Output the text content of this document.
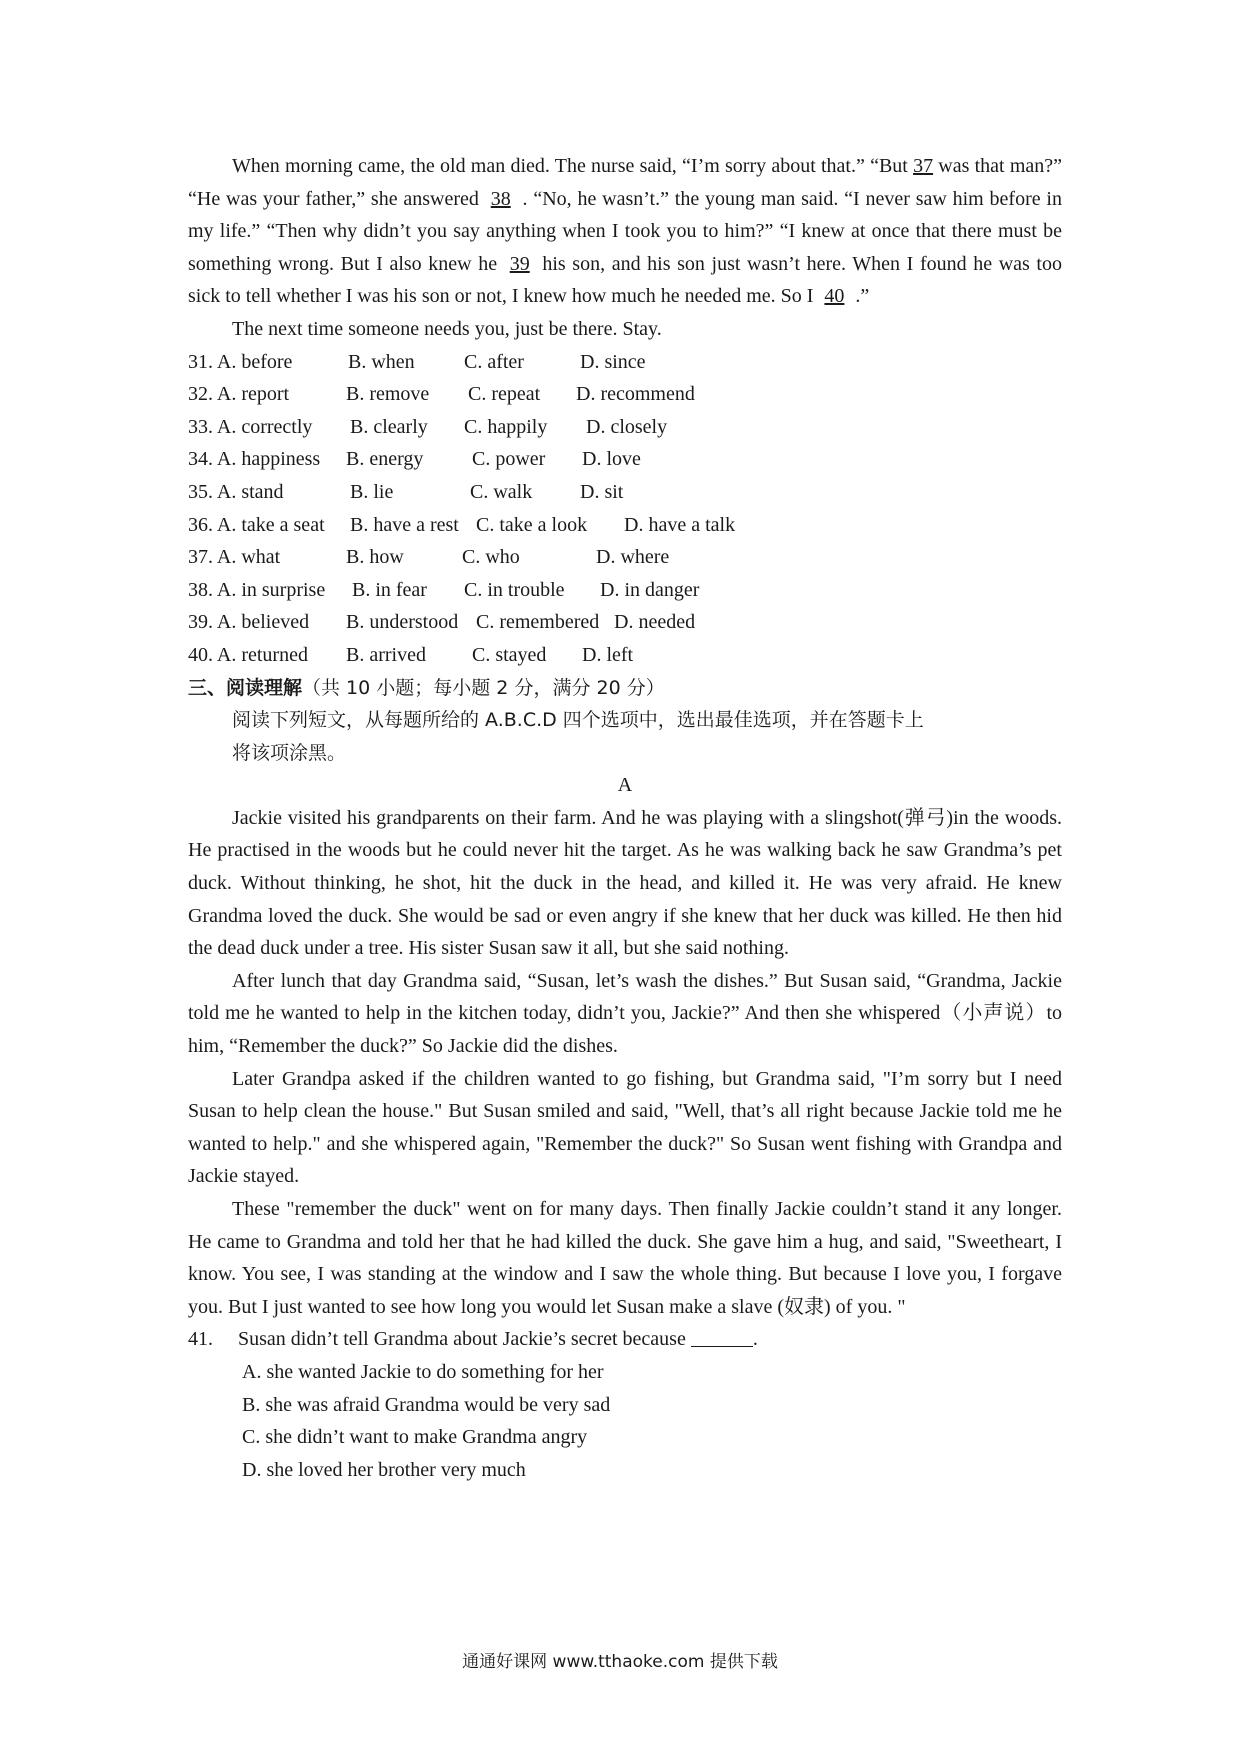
When morning came, the old man died. The nurse said, “I’m sorry about that.” “But 37 was that man?” “He was your father,” she answered 38 . “No, he wasn’t.” the young man said. “I never saw him before in my life.” “Then why didn’t you say anything when I took you to him?” “I knew at once that there must be something wrong. But I also knew he 39 his son, and his son just wasn’t here. When I found he was too sick to tell whether I was his son or not, I knew how much he needed me. So I 40 .”

The next time someone needs you, just be there. Stay.

31. A. before	B. when C. after	D. since
32. A. report	B. remove C. repeat D. recommend
33. A. correctly B. clearly C. happily D. closely
34. A. happiness B. energy C. power D. love
35. A. stand	B. lie	C. walk D. sit
36. A. take a seat B. have a rest C. take a look D. have a talk
37. A. what	B. how	C. who	D. where
38. A. in surprise B. in fear C. in trouble D. in danger
39. A. believed B. understood C. remembered D. needed
40. A. returned B. arrived C. stayed D. left
三、阅读理解（共 10 小题；每小题 2 分，满分 20 分）
阅读下列短文，从每题所给的 A.B.C.D 四个选项中，选出最佳选项，并在答题卡上
将该项涂黑。

A

Jackie visited his grandparents on their farm. And he was playing with a slingshot(弹弓)in the woods. He practised in the woods but he could never hit the target. As he was walking back he saw Grandma’s pet duck. Without thinking, he shot, hit the duck in the head, and killed it. He was very afraid. He knew Grandma loved the duck. She would be sad or even angry if she knew that her duck was killed. He then hid the dead duck under a tree. His sister Susan saw it all, but she said nothing.

After lunch that day Grandma said, “Susan, let’s wash the dishes.” But Susan said, “Grandma, Jackie told me he wanted to help in the kitchen today, didn’t you, Jackie?” And then she whispered（小声说）to him, “Remember the duck?” So Jackie did the dishes.

Later Grandpa asked if the children wanted to go fishing, but Grandma said, "I’m sorry but I need Susan to help clean the house." But Susan smiled and said, "Well, that’s all right because Jackie told me he wanted to help." and she whispered again, "Remember the duck?" So Susan went fishing with Grandpa and Jackie stayed.

These "remember the duck" went on for many days. Then finally Jackie couldn’t stand it any longer. He came to Grandma and told her that he had killed the duck. She gave him a hug, and said, "Sweetheart, I know. You see, I was standing at the window and I saw the whole thing. But because I love you, I forgave you. But I just wanted to see how long you would let Susan make a slave (奴隶) of you. "

41. Susan didn’t tell Grandma about Jackie’s secret because	.
A. she wanted Jackie to do something for her
B. she was afraid Grandma would be very sad
C. she didn’t want to make Grandma angry
D. she loved her brother very much
通通好课网 www.tthaoke.com 提供下载
